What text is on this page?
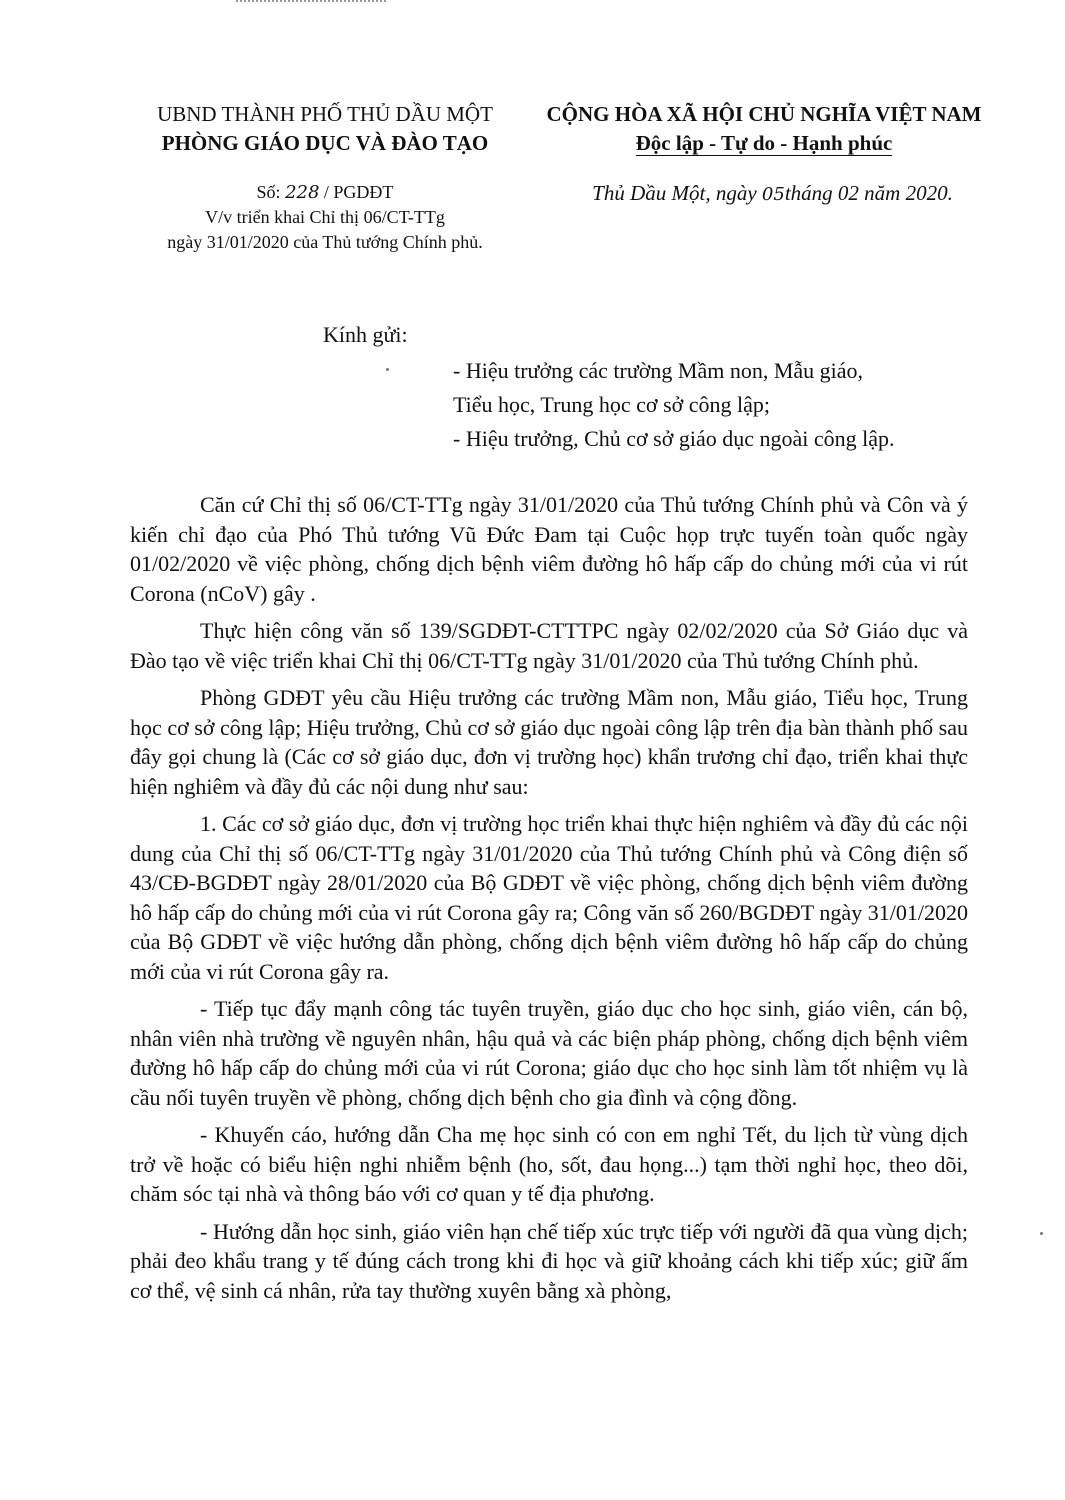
UBND THÀNH PHỐ THỦ DẦU MỘT
PHÒNG GIÁO DỤC VÀ ĐÀO TẠO
CỘNG HÒA XÃ HỘI CHỦ NGHĨA VIỆT NAM
Độc lập - Tự do - Hạnh phúc
Số: 228 / PGDĐT
V/v triển khai Chỉ thị 06/CT-TTg
ngày 31/01/2020 của Thủ tướng Chính phủ.
Thủ Dầu Một, ngày 05tháng 02 năm 2020.
Kính gửi:
- Hiệu trưởng các trường Mầm non, Mẫu giáo,
Tiểu học, Trung học cơ sở công lập;
- Hiệu trưởng, Chủ cơ sở giáo dục ngoài công lập.

Căn cứ Chỉ thị số 06/CT-TTg ngày 31/01/2020 của Thủ tướng Chính phủ và Côn và ý kiến chỉ đạo của Phó Thủ tướng Vũ Đức Đam tại Cuộc họp trực tuyến toàn quốc ngày 01/02/2020 về việc phòng, chống dịch bệnh viêm đường hô hấp cấp do chủng mới của vi rút Corona (nCoV) gây .

Thực hiện công văn số 139/SGDĐT-CTTTPC ngày 02/02/2020 của Sở Giáo dục và Đào tạo về việc triển khai Chỉ thị 06/CT-TTg ngày 31/01/2020 của Thủ tướng Chính phủ.

Phòng GDĐT yêu cầu Hiệu trưởng các trường Mầm non, Mẫu giáo, Tiểu học, Trung học cơ sở công lập; Hiệu trưởng, Chủ cơ sở giáo dục ngoài công lập trên địa bàn thành phố sau đây gọi chung là (Các cơ sở giáo dục, đơn vị trường học) khẩn trương chỉ đạo, triển khai thực hiện nghiêm và đầy đủ các nội dung như sau:

1. Các cơ sở giáo dục, đơn vị trường học triển khai thực hiện nghiêm và đầy đủ các nội dung của Chỉ thị số 06/CT-TTg ngày 31/01/2020 của Thủ tướng Chính phủ và Công điện số 43/CĐ-BGDĐT ngày 28/01/2020 của Bộ GDĐT về việc phòng, chống dịch bệnh viêm đường hô hấp cấp do chủng mới của vi rút Corona gây ra; Công văn số 260/BGDĐT ngày 31/01/2020 của Bộ GDĐT về việc hướng dẫn phòng, chống dịch bệnh viêm đường hô hấp cấp do chủng mới của vi rút Corona gây ra.

- Tiếp tục đẩy mạnh công tác tuyên truyền, giáo dục cho học sinh, giáo viên, cán bộ, nhân viên nhà trường về nguyên nhân, hậu quả và các biện pháp phòng, chống dịch bệnh viêm đường hô hấp cấp do chủng mới của vi rút Corona; giáo dục cho học sinh làm tốt nhiệm vụ là cầu nối tuyên truyền về phòng, chống dịch bệnh cho gia đình và cộng đồng.

- Khuyến cáo, hướng dẫn Cha mẹ học sinh có con em nghỉ Tết, du lịch từ vùng dịch trở về hoặc có biểu hiện nghi nhiễm bệnh (ho, sốt, đau họng...) tạm thời nghỉ học, theo dõi, chăm sóc tại nhà và thông báo với cơ quan y tế địa phương.

- Hướng dẫn học sinh, giáo viên hạn chế tiếp xúc trực tiếp với người đã qua vùng dịch; phải đeo khẩu trang y tế đúng cách trong khi đi học và giữ khoảng cách khi tiếp xúc; giữ ấm cơ thể, vệ sinh cá nhân, rửa tay thường xuyên bằng xà phòng,
